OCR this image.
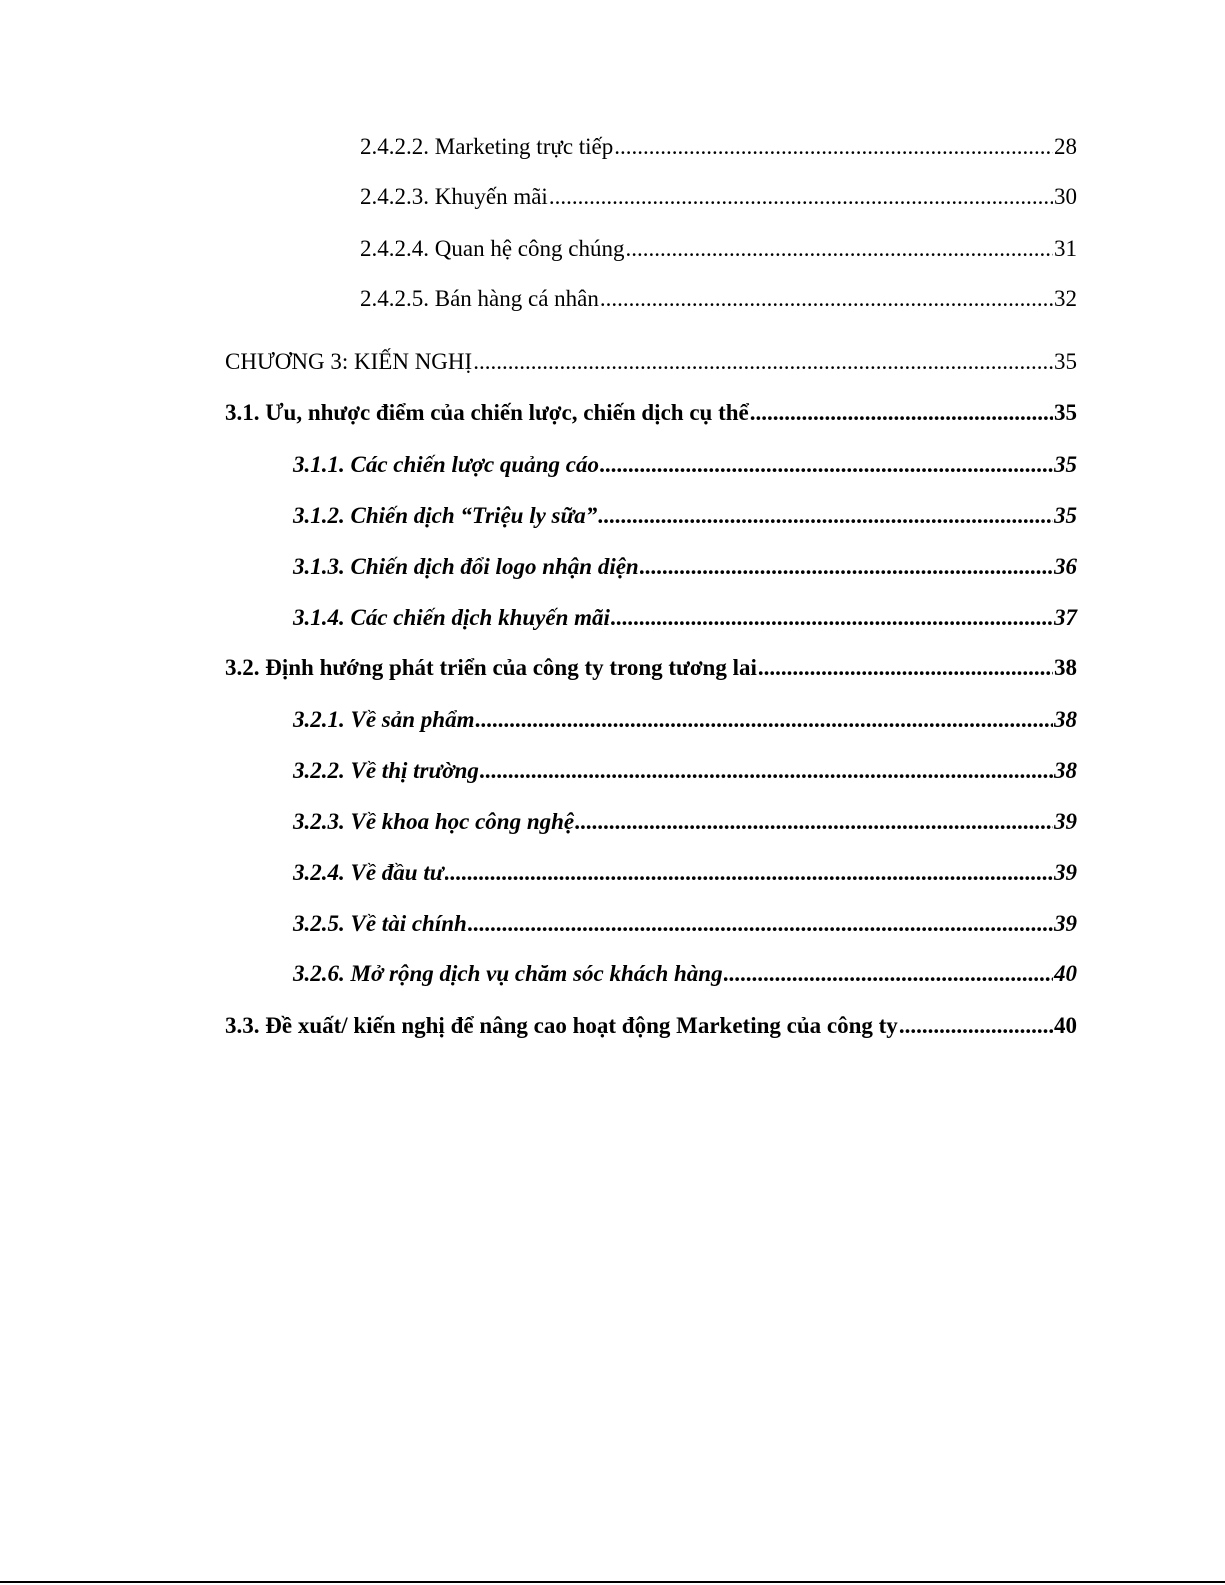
2.4.2.2. Marketing trực tiếp .....	28
2.4.2.3. Khuyến mãi .....	30
2.4.2.4. Quan hệ công chúng .....	31
2.4.2.5. Bán hàng cá nhân .....	32
CHƯƠNG 3: KIẾN NGHỊ .....	35
3.1. Ưu, nhược điểm của chiến lược, chiến dịch cụ thể .....	35
3.1.1. Các chiến lược quảng cáo .....	35
3.1.2. Chiến dịch “Triệu ly sữa” .....	35
3.1.3. Chiến dịch đổi logo nhận diện .....	36
3.1.4. Các chiến dịch khuyến mãi .....	37
3.2. Định hướng phát triển của công ty trong tương lai .....	38
3.2.1. Về sản phẩm .....	38
3.2.2. Về thị trường .....	38
3.2.3. Về khoa học công nghệ .....	39
3.2.4. Về đầu tư .....	39
3.2.5. Về tài chính .....	39
3.2.6. Mở rộng dịch vụ chăm sóc khách hàng .....	40
3.3. Đề xuất/ kiến nghị để nâng cao hoạt động Marketing của công ty .....	40
